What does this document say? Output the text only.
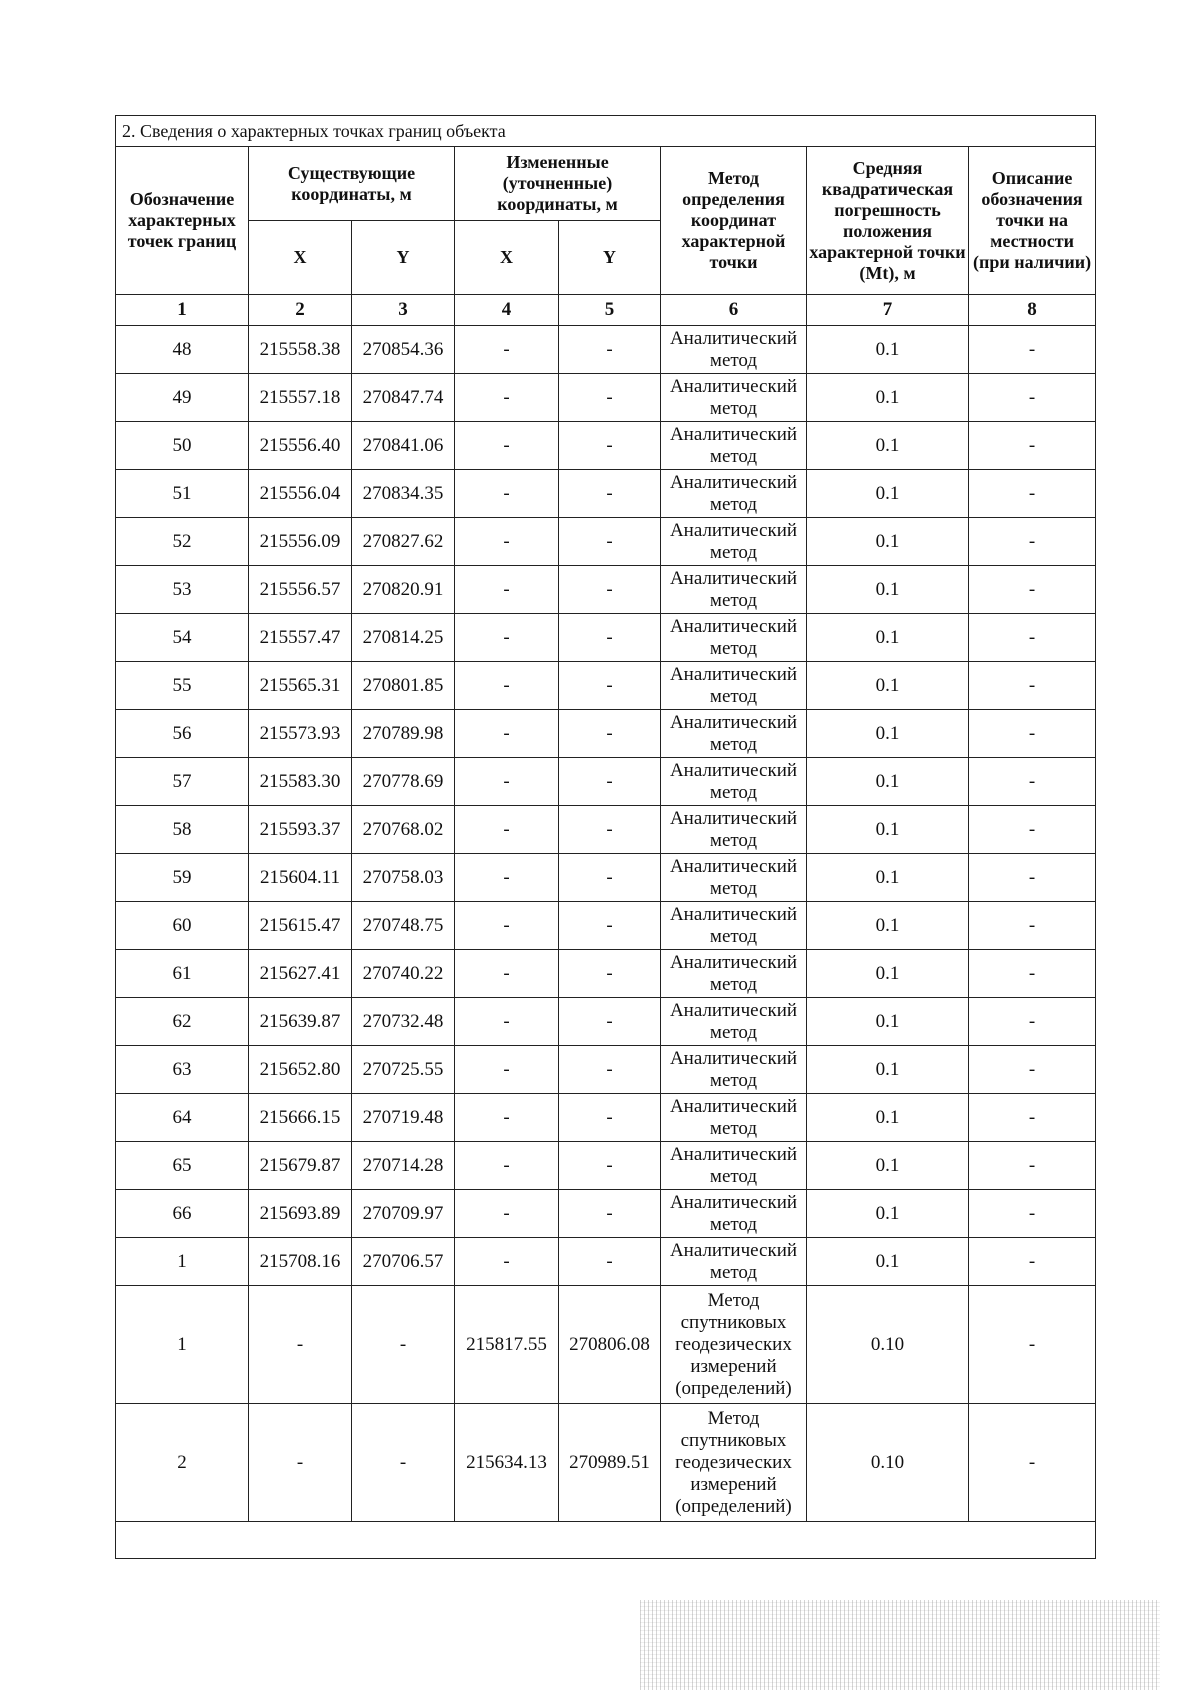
2. Сведения о характерных точках границ объекта							
Обозначение характерных точек границ	Существующие координаты, м		Измененные (уточненные) координаты, м		Метод определения координат характерной точки	Средняя квадратическая погрешность положения характерной точки (Mt), м	Описание обозначения точки на местности (при наличии)
	X	Y	X	Y			
1	2	3	4	5	6	7	8
48	215558.38	270854.36	-	-	Аналитический метод	0.1	-
49	215557.18	270847.74	-	-	Аналитический метод	0.1	-
50	215556.40	270841.06	-	-	Аналитический метод	0.1	-
51	215556.04	270834.35	-	-	Аналитический метод	0.1	-
52	215556.09	270827.62	-	-	Аналитический метод	0.1	-
53	215556.57	270820.91	-	-	Аналитический метод	0.1	-
54	215557.47	270814.25	-	-	Аналитический метод	0.1	-
55	215565.31	270801.85	-	-	Аналитический метод	0.1	-
56	215573.93	270789.98	-	-	Аналитический метод	0.1	-
57	215583.30	270778.69	-	-	Аналитический метод	0.1	-
58	215593.37	270768.02	-	-	Аналитический метод	0.1	-
59	215604.11	270758.03	-	-	Аналитический метод	0.1	-
60	215615.47	270748.75	-	-	Аналитический метод	0.1	-
61	215627.41	270740.22	-	-	Аналитический метод	0.1	-
62	215639.87	270732.48	-	-	Аналитический метод	0.1	-
63	215652.80	270725.55	-	-	Аналитический метод	0.1	-
64	215666.15	270719.48	-	-	Аналитический метод	0.1	-
65	215679.87	270714.28	-	-	Аналитический метод	0.1	-
66	215693.89	270709.97	-	-	Аналитический метод	0.1	-
1	215708.16	270706.57	-	-	Аналитический метод	0.1	-
1	-	-	215817.55	270806.08	Метод спутниковых геодезических измерений (определений)	0.10	-
2	-	-	215634.13	270989.51	Метод спутниковых геодезических измерений (определений)	0.10	-
